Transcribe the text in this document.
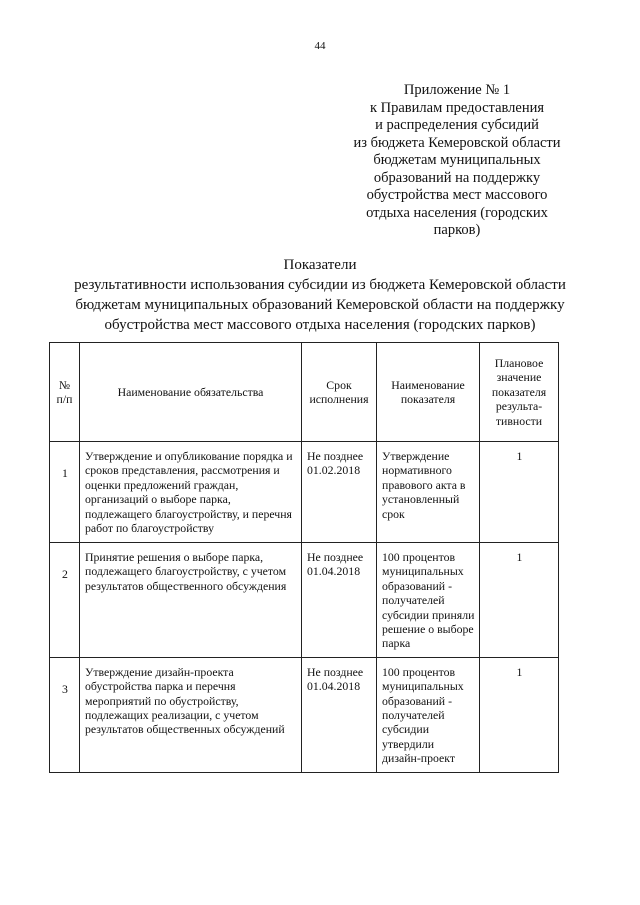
44
Приложение № 1
к Правилам предоставления
и распределения субсидий
из бюджета Кемеровской области
бюджетам муниципальных
образований на поддержку
обустройства мест массового
отдыха населения (городских
парков)
Показатели
результативности использования субсидии из бюджета Кемеровской области
бюджетам муниципальных образований Кемеровской области на поддержку
обустройства мест массового отдыха населения (городских парков)
№ п/п	Наименование обязательства	Срок исполнения	Наименование показателя	Плановое значение показателя результа-тивности

1	Утверждение и опубликование порядка и сроков представления, рассмотрения и оценки предложений граждан, организаций о выборе парка, подлежащего благоустройству, и перечня работ по благоустройству	Не позднее 01.02.2018	Утверждение нормативного правового акта в установленный срок	1

2	Принятие решения о выборе парка, подлежащего благоустройству, с учетом результатов общественного обсуждения	Не позднее 01.04.2018	100 процентов муниципальных образований - получателей субсидии приняли решение о выборе парка	1

3	Утверждение дизайн-проекта обустройства парка и перечня мероприятий по обустройству, подлежащих реализации, с учетом результатов общественных обсуждений	Не позднее 01.04.2018	100 процентов муниципальных образований - получателей субсидии утвердили дизайн-проект	1
